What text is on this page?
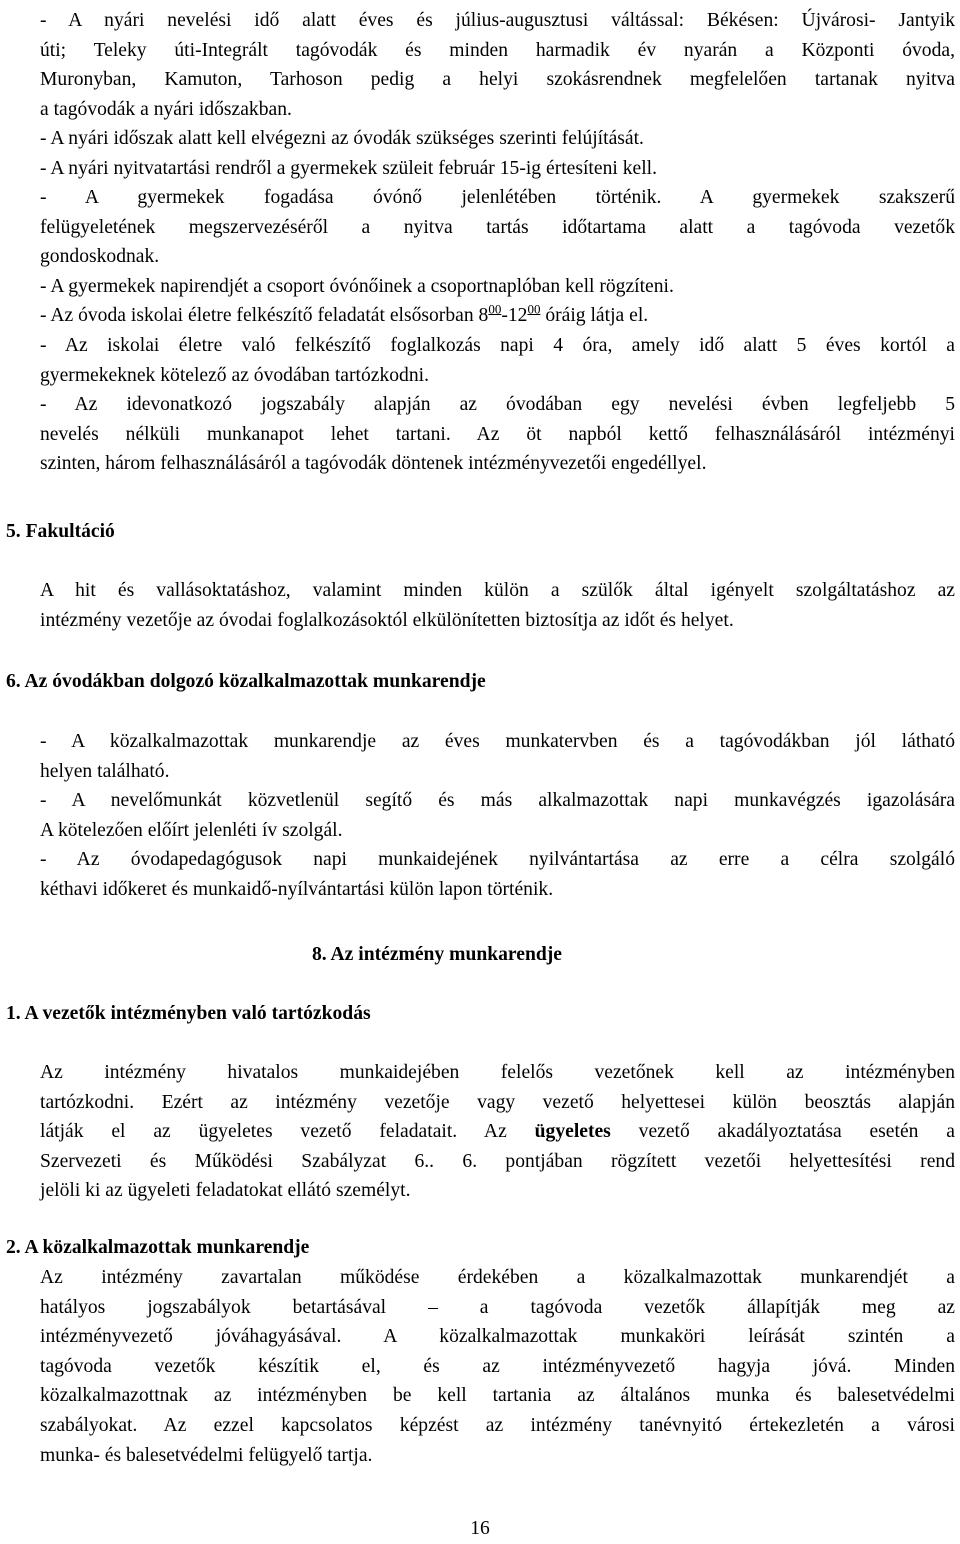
- A nyári nevelési idő alatt éves és július-augusztusi váltással: Békésen: Újvárosi- Jantyik
úti; Teleky úti-Integrált tagóvodák és minden harmadik év nyarán a Központi óvoda,
Muronyban, Kamuton, Tarhoson pedig a helyi szokásrendnek megfelelően tartanak nyitva
a tagóvodák a nyári időszakban.

- A nyári időszak alatt kell elvégezni az óvodák szükséges szerinti felújítását.

- A nyári nyitvatartási rendről a gyermekek szüleit február 15-ig értesíteni kell.

- A gyermekek fogadása óvónő jelenlétében történik. A gyermekek szakszerű
felügyeletének megszervezéséről a nyitva tartás időtartama alatt a tagóvoda vezetők
gondoskodnak.

- A gyermekek napirendjét a csoport óvónőinek a csoportnaplóban kell rögzíteni.

- Az óvoda iskolai életre felkészítő feladatát elsősorban $8^{00}-12^{00}$ óráig látja el.

- Az iskolai életre való felkészítő foglalkozás napi 4 óra, amely idő alatt 5 éves kortól a
gyermekeknek kötelező az óvodában tartózkodni.

- Az idevonatkozó jogszabály alapján az óvodában egy nevelési évben legfeljebb 5
nevelés nélküli munkanapot lehet tartani. Az öt napból kettő felhasználásáról intézményi
szinten, három felhasználásáról a tagóvodák döntenek intézményvezetői engedéllyel.

5. Fakultáció

A hit és vallásoktatáshoz, valamint minden külön a szülők által igényelt szolgáltatáshoz az
intézmény vezetője az óvodai foglalkozásoktól elkülönítetten biztosítja az időt és helyet.

6. Az óvodákban dolgozó közalkalmazottak munkarendje

- A közalkalmazottak munkarendje az éves munkatervben és a tagóvodákban jól látható
helyen található.

- A nevelőmunkát közvetlenül segítő és más alkalmazottak napi munkavégzés igazolására
A kötelezően előírt jelenléti ív szolgál.

- Az óvodapedagógusok napi munkaidejének nyilvántartása az erre a célra szolgáló
kéthavi időkeret és munkaidő-nyílvántartási külön lapon történik.

8. Az intézmény munkarendje
1. A vezetők intézményben való tartózkodás

Az intézmény hivatalos munkaidejében felelős vezetőnek kell az intézményben
tartózkodni. Ezért az intézmény vezetője vagy vezető helyettesei külön beosztás alapján
látják el az ügyeletes vezető feladatait. Az ügyeletes vezető akadályoztatása esetén a
Szervezeti és Működési Szabályzat 6.. 6. pontjában rögzített vezetői helyettesítési rend
jelöli ki az ügyeleti feladatokat ellátó személyt.

2. A közalkalmazottak munkarendje

Az intézmény zavartalan működése érdekében a közalkalmazottak munkarendjét a
hatályos jogszabályok betartásával – a tagóvoda vezetők állapítják meg az
intézményvezető jóváhagyásával. A közalkalmazottak munkaköri leírását szintén a
tagóvoda vezetők készítik el, és az intézményvezető hagyja jóvá. Minden
közalkalmazottnak az intézményben be kell tartania az általános munka és balesetvédelmi
szabályokat. Az ezzel kapcsolatos képzést az intézmény tanévnyitó értekezletén a városi
munka- és balesetvédelmi felügyelő tartja.

16
